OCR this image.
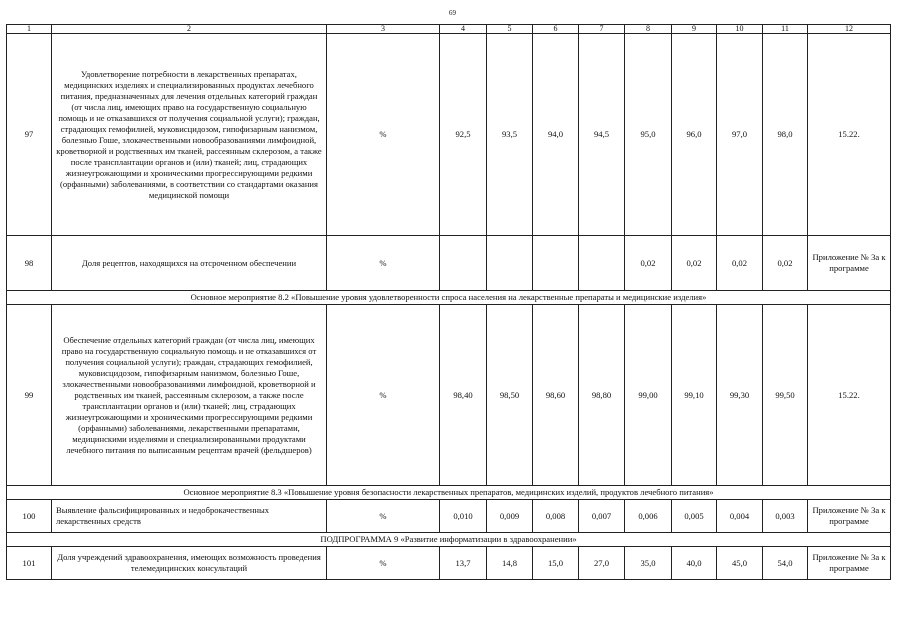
69
1	2	3	4	5	6	7	8	9	10	11	12
97	Удовлетворение потребности в лекарственных препаратах, медицинских изделиях и специализированных продуктах лечебного питания, предназначенных для лечения отдельных категорий граждан (от числа лиц, имеющих право на государственную социальную помощь и не отказавшихся от получения социальной услуги); граждан, страдающих гемофилией, муковисцидозом, гипофизарным нанизмом, болезнью Гоше, злокачественными новообразованиями лимфоидной, кроветворной и родственных им тканей, рассеянным склерозом, а также после трансплантации органов и (или) тканей; лиц, страдающих жизнеугрожающими и хроническими прогрессирующими редкими (орфанными) заболеваниями, в соответствии со стандартами оказания медицинской помощи	%	92,5	93,5	94,0	94,5	95,0	96,0	97,0	98,0	15.22.
98	Доля рецептов, находящихся на отсроченном обеспечении	%					0,02	0,02	0,02	0,02	Приложение № 3а к программе
Основное мероприятие 8.2 «Повышение уровня удовлетворенности спроса населения на лекарственные препараты и медицинские изделия»											
99	Обеспечение отдельных категорий граждан (от числа лиц, имеющих право на государственную социальную помощь и не отказавшихся от получения социальной услуги); граждан, страдающих гемофилией, муковисцидозом, гипофизарным нанизмом, болезнью Гоше, злокачественными новообразованиями лимфоидной, кроветворной и родственных им тканей, рассеянным склерозом, а также после трансплантации органов и (или) тканей; лиц, страдающих жизнеугрожающими и хроническими прогрессирующими редкими (орфанными) заболеваниями, лекарственными препаратами, медицинскими изделиями и специализированными продуктами лечебного питания по выписанным рецептам врачей (фельдшеров)	%	98,40	98,50	98,60	98,80	99,00	99,10	99,30	99,50	15.22.
Основное мероприятие 8.3 «Повышение уровня безопасности лекарственных препаратов, медицинских изделий, продуктов лечебного питания»											
100	Выявление фальсифицированных и недоброкачественных лекарственных средств	%	0,010	0,009	0,008	0,007	0,006	0,005	0,004	0,003	Приложение № 3а к программе
ПОДПРОГРАММА 9 «Развитие информатизации в здравоохранении»											
101	Доля учреждений здравоохранения, имеющих возможность проведения телемедицинских консультаций	%	13,7	14,8	15,0	27,0	35,0	40,0	45,0	54,0	Приложение № 3а к программе
